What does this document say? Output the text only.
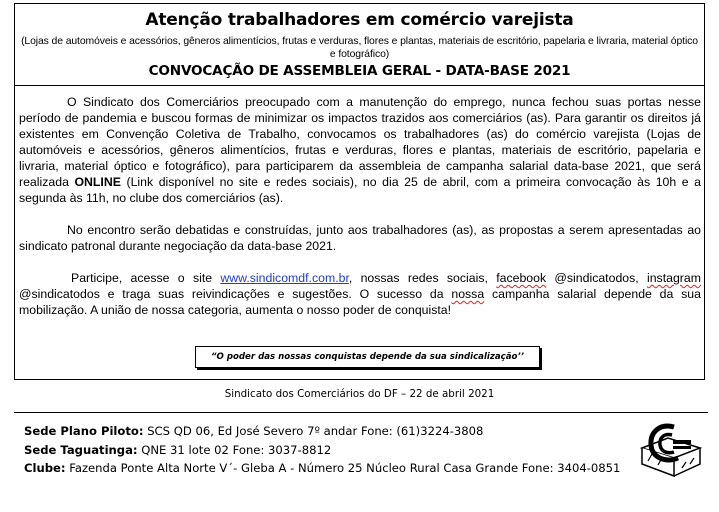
Atenção trabalhadores em comércio varejista
(Lojas de automóveis e acessórios, gêneros alimentícios, frutas e verduras, flores e plantas, materiais de escritório, papelaria e livraria, material óptico e fotográfico)
CONVOCAÇÃO DE ASSEMBLEIA GERAL - DATA-BASE 2021

O Sindicato dos Comerciários preocupado com a manutenção do emprego, nunca fechou suas portas nesse período de pandemia e buscou formas de minimizar os impactos trazidos aos comerciários (as). Para garantir os direitos já existentes em Convenção Coletiva de Trabalho, convocamos os trabalhadores (as) do comércio varejista (Lojas de automóveis e acessórios, gêneros alimentícios, frutas e verduras, flores e plantas, materiais de escritório, papelaria e livraria, material óptico e fotográfico), para participarem da assembleia de campanha salarial data-base 2021, que será realizada ONLINE (Link disponível no site e redes sociais), no dia 25 de abril, com a primeira convocação às 10h e a segunda às 11h, no clube dos comerciários (as).

No encontro serão debatidas e construídas, junto aos trabalhadores (as), as propostas a serem apresentadas ao sindicato patronal durante negociação da data-base 2021.

Participe, acesse o site www.sindicomdf.com.br, nossas redes sociais, facebook @sindicatodos, instagram @sindicatodos e traga suas reivindicações e sugestões. O sucesso da nossa campanha salarial depende da sua mobilização. A união de nossa categoria, aumenta o nosso poder de conquista!

“O poder das nossas conquistas depende da sua sindicalização’’
Sindicato dos Comerciários do DF – 22 de abril 2021
Sede Plano Piloto: SCS QD 06, Ed José Severo 7º andar Fone: (61)3224-3808
Sede Taguatinga: QNE 31 lote 02 Fone: 3037-8812
Clube: Fazenda Ponte Alta Norte V´- Gleba A - Número 25 Núcleo Rural Casa Grande Fone: 3404-0851
